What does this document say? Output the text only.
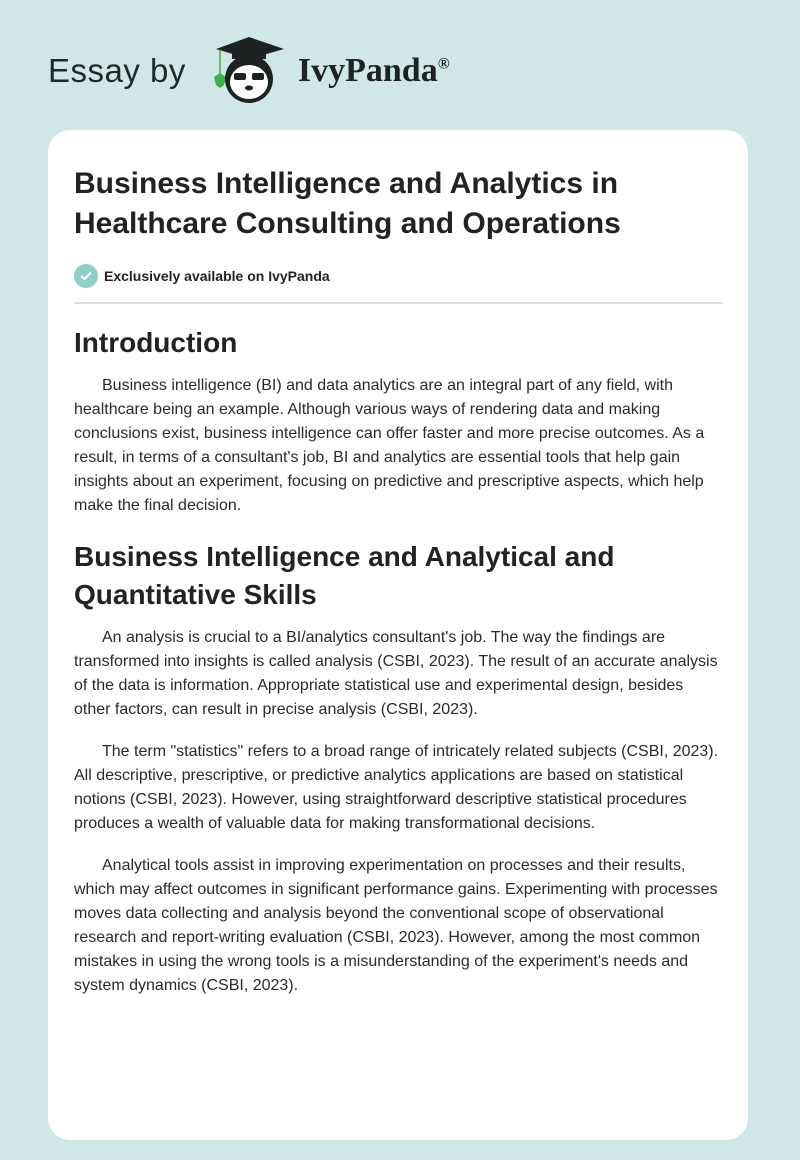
Essay by	IvyPanda®
Business Intelligence and Analytics in Healthcare Consulting and Operations
Exclusively available on IvyPanda
Introduction

Business intelligence (BI) and data analytics are an integral part of any field, with healthcare being an example. Although various ways of rendering data and making conclusions exist, business intelligence can offer faster and more precise outcomes. As a result, in terms of a consultant's job, BI and analytics are essential tools that help gain insights about an experiment, focusing on predictive and prescriptive aspects, which help make the final decision.

Business Intelligence and Analytical and Quantitative Skills

An analysis is crucial to a BI/analytics consultant's job. The way the findings are transformed into insights is called analysis (CSBI, 2023). The result of an accurate analysis of the data is information. Appropriate statistical use and experimental design, besides other factors, can result in precise analysis (CSBI, 2023).

The term "statistics" refers to a broad range of intricately related subjects (CSBI, 2023). All descriptive, prescriptive, or predictive analytics applications are based on statistical notions (CSBI, 2023). However, using straightforward descriptive statistical procedures produces a wealth of valuable data for making transformational decisions.

Analytical tools assist in improving experimentation on processes and their results, which may affect outcomes in significant performance gains. Experimenting with processes moves data collecting and analysis beyond the conventional scope of observational research and report-writing evaluation (CSBI, 2023). However, among the most common mistakes in using the wrong tools is a misunderstanding of the experiment's needs and system dynamics (CSBI, 2023).
